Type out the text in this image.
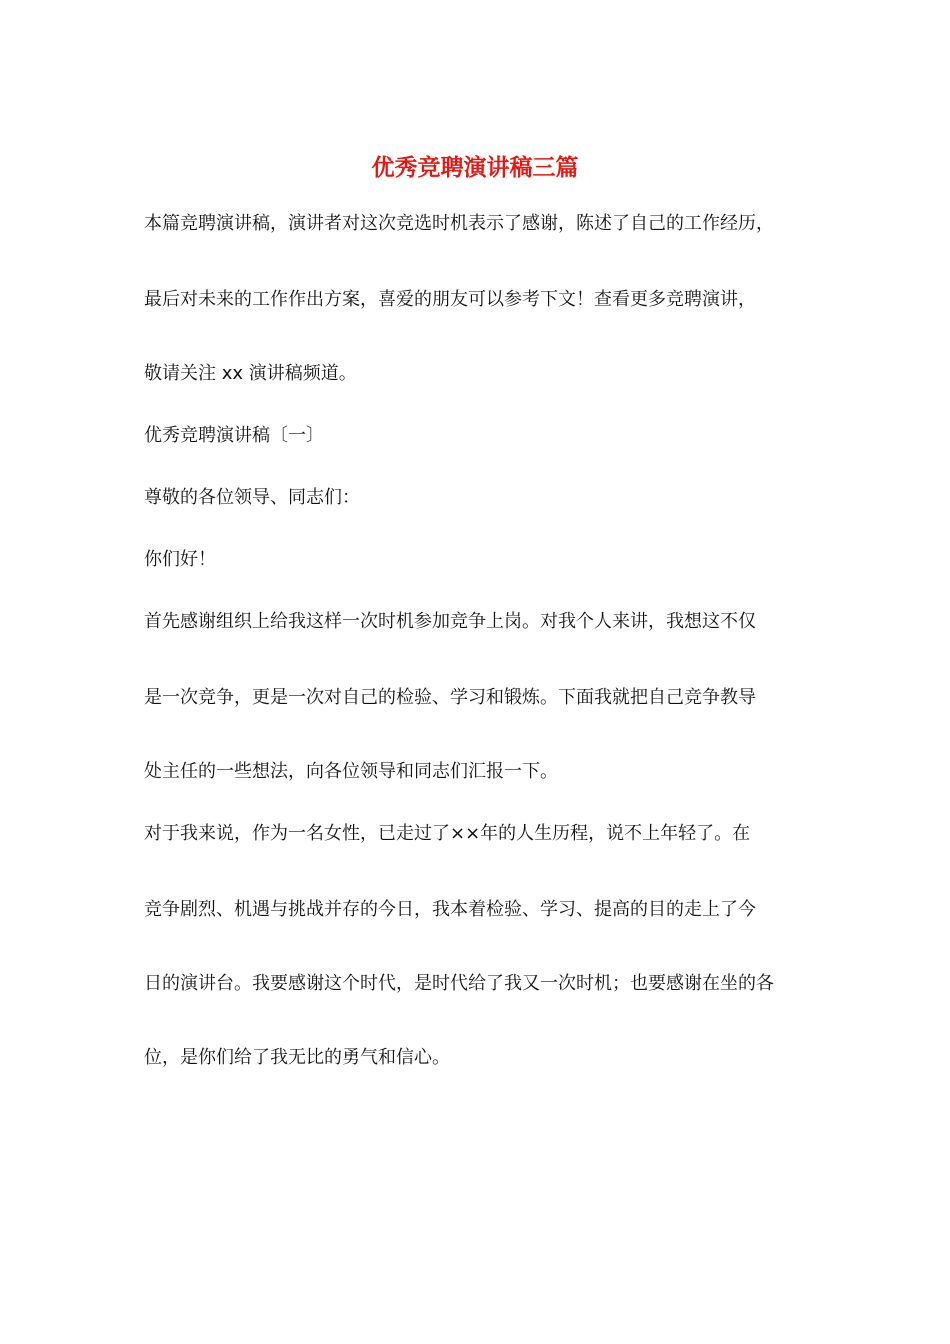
优秀竞聘演讲稿三篇

本篇竞聘演讲稿，演讲者对这次竞选时机表示了感谢，陈述了自己的工作经历，

最后对未来的工作作出方案，喜爱的朋友可以参考下文！查看更多竞聘演讲，

敬请关注 xx 演讲稿频道。

优秀竞聘演讲稿〔一〕

尊敬的各位领导、同志们：

你们好！

首先感谢组织上给我这样一次时机参加竞争上岗。对我个人来讲，我想这不仅

是一次竞争，更是一次对自己的检验、学习和锻炼。下面我就把自己竞争教导

处主任的一些想法，向各位领导和同志们汇报一下。

对于我来说，作为一名女性，已走过了××年的人生历程，说不上年轻了。在

竞争剧烈、机遇与挑战并存的今日，我本着检验、学习、提高的目的走上了今

日的演讲台。我要感谢这个时代，是时代给了我又一次时机；也要感谢在坐的各

位，是你们给了我无比的勇气和信心。
